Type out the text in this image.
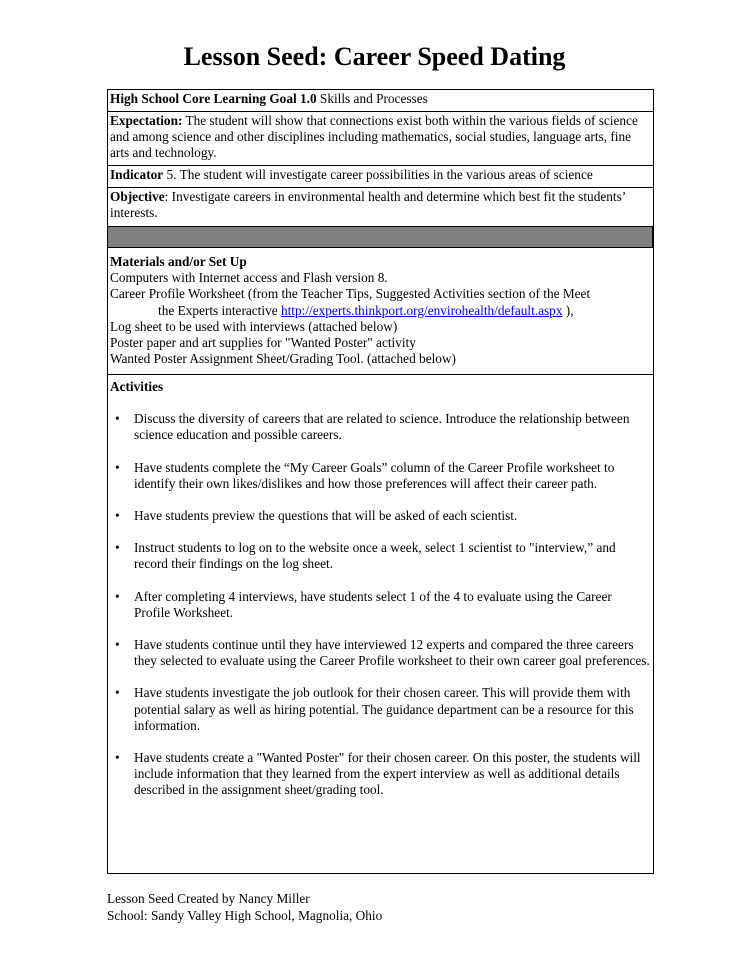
Lesson Seed: Career Speed Dating
High School Core Learning Goal 1.0 Skills and Processes
Expectation: The student will show that connections exist both within the various fields of science and among science and other disciplines including mathematics, social studies, language arts, fine arts and technology.
Indicator 5. The student will investigate career possibilities in the various areas of science
Objective: Investigate careers in environmental health and determine which best fit the students’ interests.
Materials and/or Set Up
Computers with Internet access and Flash version 8.
Career Profile Worksheet (from the Teacher Tips, Suggested Activities section of the Meet
the Experts interactive http://experts.thinkport.org/envirohealth/default.aspx ),
Log sheet to be used with interviews (attached below)
Poster paper and art supplies for "Wanted Poster" activity
Wanted Poster Assignment Sheet/Grading Tool. (attached below)
Activities
• Discuss the diversity of careers that are related to science. Introduce the relationship between science education and possible careers.
• Have students complete the “My Career Goals” column of the Career Profile worksheet to identify their own likes/dislikes and how those preferences will affect their career path.
• Have students preview the questions that will be asked of each scientist.
• Instruct students to log on to the website once a week, select 1 scientist to "interview,” and record their findings on the log sheet.
• After completing 4 interviews, have students select 1 of the 4 to evaluate using the Career Profile Worksheet.
• Have students continue until they have interviewed 12 experts and compared the three careers they selected to evaluate using the Career Profile worksheet to their own career goal preferences.
• Have students investigate the job outlook for their chosen career. This will provide them with potential salary as well as hiring potential. The guidance department can be a resource for this information.
• Have students create a "Wanted Poster" for their chosen career. On this poster, the students will include information that they learned from the expert interview as well as additional details described in the assignment sheet/grading tool.
Lesson Seed Created by Nancy Miller
School: Sandy Valley High School, Magnolia, Ohio
